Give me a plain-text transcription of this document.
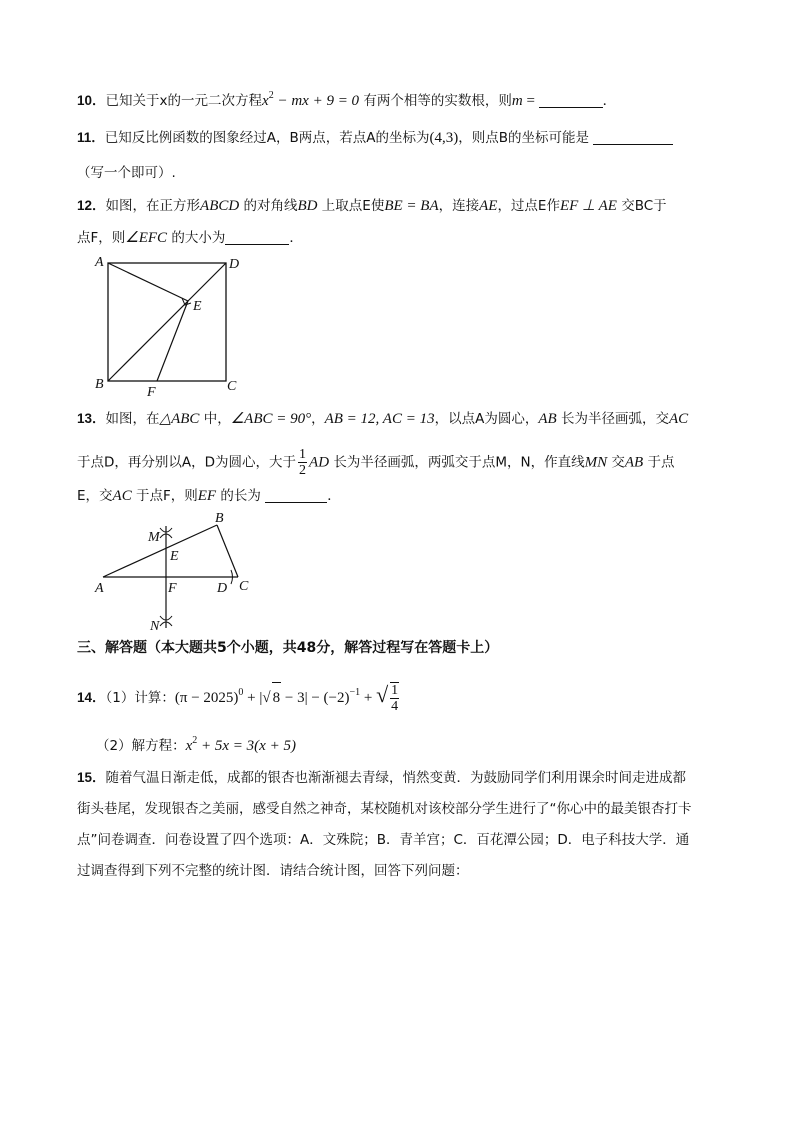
10．已知关于x的一元二次方程$x^2$ − mx + 9 = 0 有两个相等的实数根，则m =	．
11．已知反比例函数的图象经过A，B两点，若点A的坐标为(4,3)，则点B的坐标可能是
（写一个即可）.
12．如图，在正方形ABCD 的对角线BD 上取点E使BE = BA，连接AE，过点E作EF ⊥ AE 交BC于
点F，则∠EFC 的大小为	．
A	D
E
B
F	C
13．如图，在△ABC 中，∠ABC = 90°，AB = 12, AC = 13，以点A为圆心，AB 长为半径画弧，交AC
于点D，再分别以A，D为圆心，大于 $\frac{1}{2}$ AD 长为半径画弧，两弧交于点M，N，作直线MN 交AB 于点
E，交AC 于点F，则EF 的长为	．
M
E
B
A	F	D C
N
三、解答题（本大题共5个小题，共48分，解答过程写在答题卡上）
14．（1）计算：$(\pi - 2025)^0$ + |√ $8 - 3| - (-2)^{-1}$ + √ $\frac{1}{4}$
（2）解方程：$x^2 + 5x = 3(x + 5)$
15．随着气温日渐走低，成都的银杏也渐渐褪去青绿，悄然变黄．为鼓励同学们利用课余时间走进成都
街头巷尾，发现银杏之美丽，感受自然之神奇，某校随机对该校部分学生进行了“你心中的最美银杏打卡
点”问卷调查．问卷设置了四个选项：A．文殊院；B．青羊宫；C．百花潭公园；D．电子科技大学．通
过调查得到下列不完整的统计图．请结合统计图，回答下列问题：
